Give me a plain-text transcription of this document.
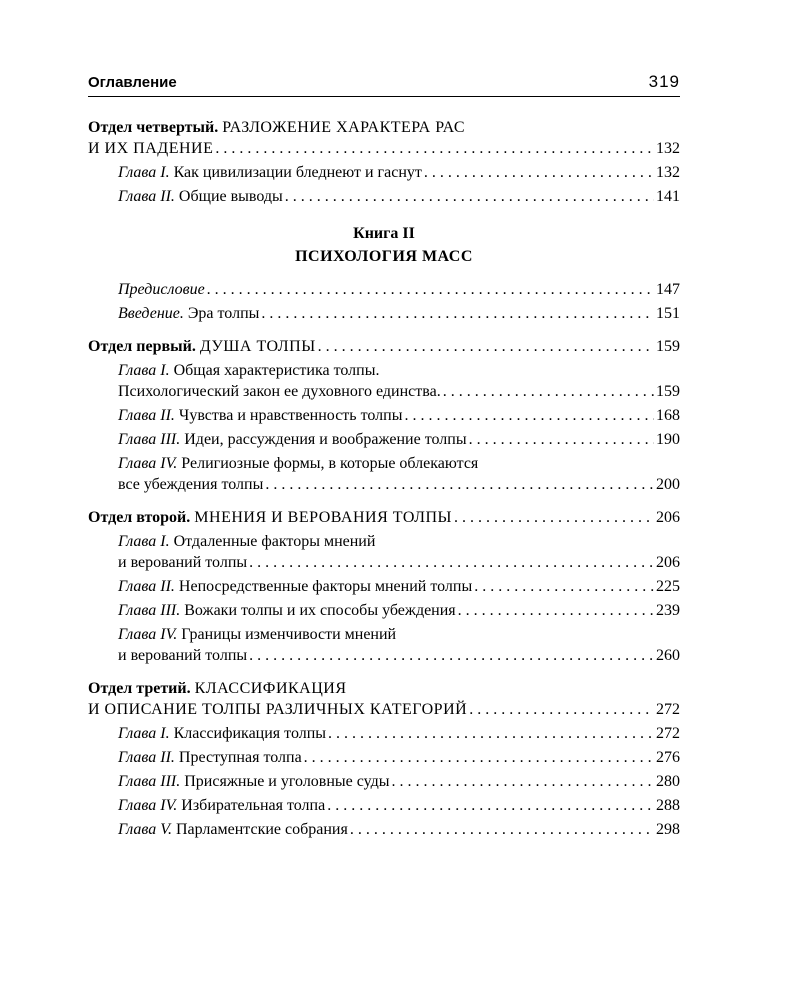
Оглавление	319
Отдел четвертый. РАЗЛОЖЕНИЕ ХАРАКТЕРА РАС
И ИХ ПАДЕНИЕ . . .	132
Глава I. Как цивилизации бледнеют и гаснут . . .	132
Глава II. Общие выводы . . .	141
Книга II
ПСИХОЛОГИЯ МАСС
Предисловие . . .	147
Введение. Эра толпы . . .	151
Отдел первый. ДУША ТОЛПЫ . . .	159
Глава I. Общая характеристика толпы.
Психологический закон ее духовного единства. . . .	159
Глава II. Чувства и нравственность толпы . . .	168
Глава III. Идеи, рассуждения и воображение толпы . . .	190
Глава IV. Религиозные формы, в которые облекаются
все убеждения толпы . . .	200
Отдел второй. МНЕНИЯ И ВЕРОВАНИЯ ТОЛПЫ . . .	206
Глава I. Отдаленные факторы мнений
и верований толпы . . .	206
Глава II. Непосредственные факторы мнений толпы . . .	225
Глава III. Вожаки толпы и их способы убеждения . . .	239
Глава IV. Границы изменчивости мнений
и верований толпы . . .	260
Отдел третий. КЛАССИФИКАЦИЯ
И ОПИСАНИЕ ТОЛПЫ РАЗЛИЧНЫХ КАТЕГОРИЙ . . .	272
Глава I. Классификация толпы . . .	272
Глава II. Преступная толпа . . .	276
Глава III. Присяжные и уголовные суды . . .	280
Глава IV. Избирательная толпа . . .	288
Глава V. Парламентские собрания . . .	298
